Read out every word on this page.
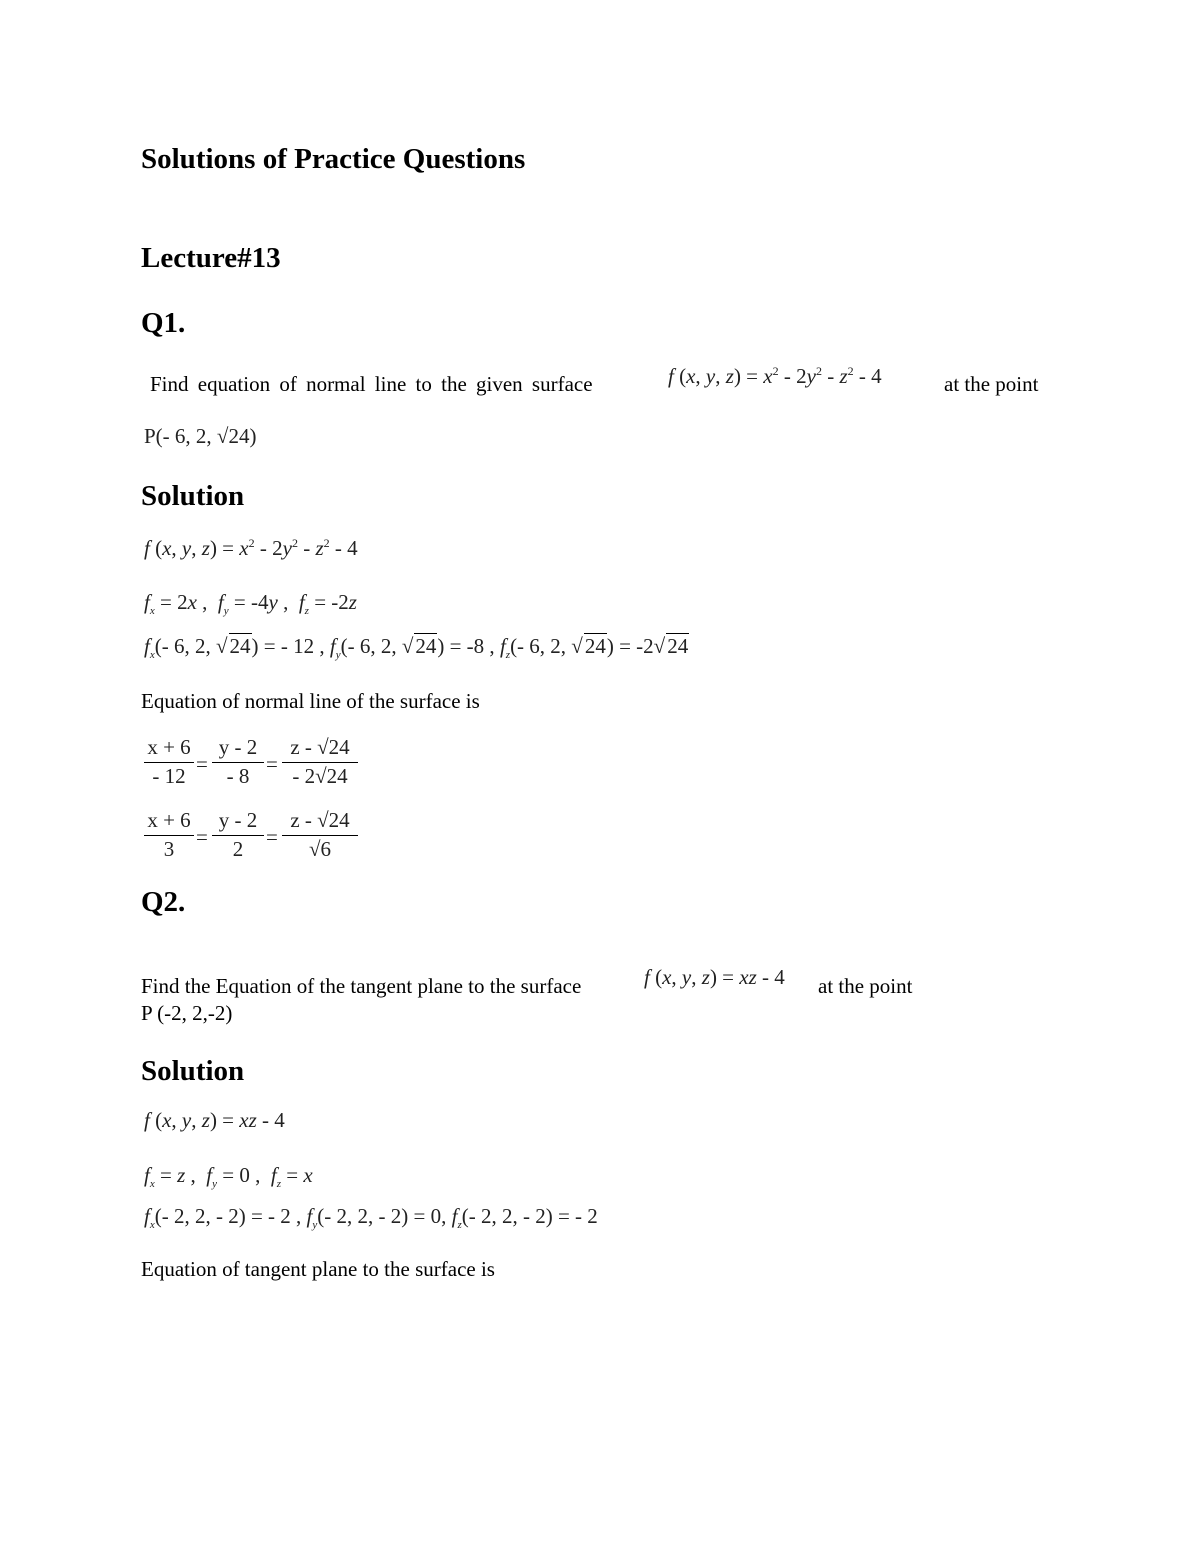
Solutions of Practice Questions
Lecture#13
Q1.
Find equation of normal line to the given surface	f (x, y, $z) = x^2 - 2y^2 - z^2 - 4$	at the point
P(- 6, 2, √24)
Solution
f (x, y, $z) = x^2 - 2y^2 - z^2 - 4$
$f_x = 2x$ ,  $f_y = -4y$ ,  $f_z = -2z$
$f_x(-$ 6, 2, √24) = - 12 , $f_y(-$ 6, 2, √24) = -8 , $f_z(-$ 6, 2, √24) = -2√24
Equation of normal line of the surface is
x + 6
- 12 =
y - 2
- 8 =
z - √24
- 2√24
x + 6
3	=
y - 2
2	=
z - √24
√6
Q2.
Find the Equation of the tangent plane to the surface	f (x, y, z) = xz - 4 at the point
P (-2, 2,-2)
Solution
f (x, y, z) = xz - 4
$f_x = z$ ,  $f_y = 0$ ,  $f_z = x$
$f_x(-$ 2, 2, - 2) = - 2 , $f_y(-$ 2, 2, - 2) = 0, $f_z(-$ 2, 2, - 2) = - 2
Equation of tangent plane to the surface is
